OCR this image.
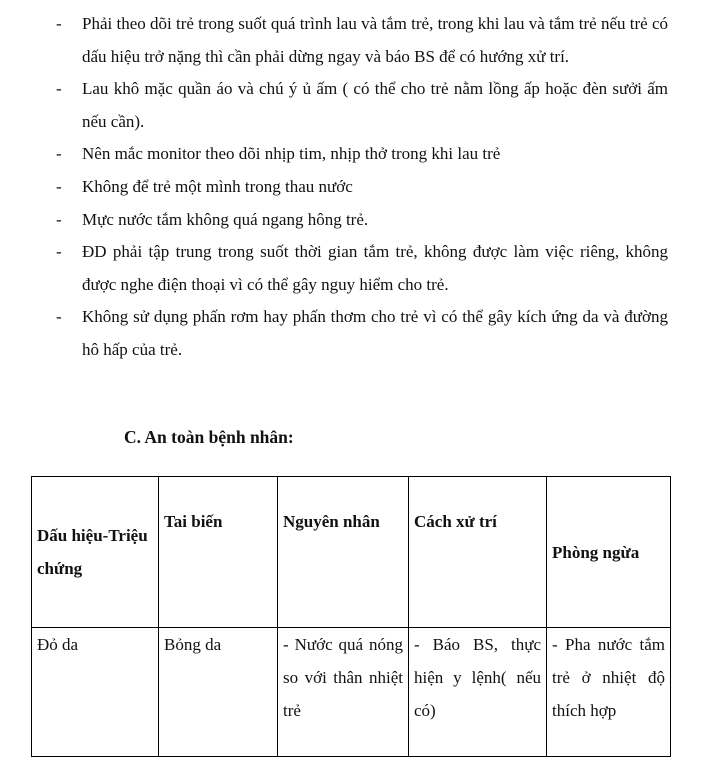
- Phải theo dõi trẻ trong suốt quá trình lau và tắm trẻ, trong khi lau và tắm trẻ nếu trẻ có dấu hiệu trở nặng thì cần phải dừng ngay và báo BS để có hướng xử trí.
- Lau khô mặc quần áo và chú ý ủ ấm ( có thể cho trẻ nằm lồng ấp hoặc đèn sưởi ấm nếu cần).
- Nên mắc monitor theo dõi nhịp tim, nhịp thở trong khi lau trẻ
- Không để trẻ một mình trong thau nước
- Mực nước tắm không quá ngang hông trẻ.
- ĐD phải tập trung trong suốt thời gian tắm trẻ, không được làm việc riêng, không được nghe điện thoại vì có thể gây nguy hiểm cho trẻ.
- Không sử dụng phấn rơm hay phấn thơm cho trẻ vì có thể gây kích ứng da và đường hô hấp của trẻ.
C. An toàn bệnh nhân:
Dấu hiệu-Triệu chứng	Tai biến	Nguyên nhân	Cách xử trí	Phòng ngừa
Đỏ da	Bỏng da	- Nước quá nóng so với thân nhiệt trẻ	- Báo BS, thực hiện y lệnh( nếu có)	- Pha nước tắm trẻ ở nhiệt độ thích hợp
